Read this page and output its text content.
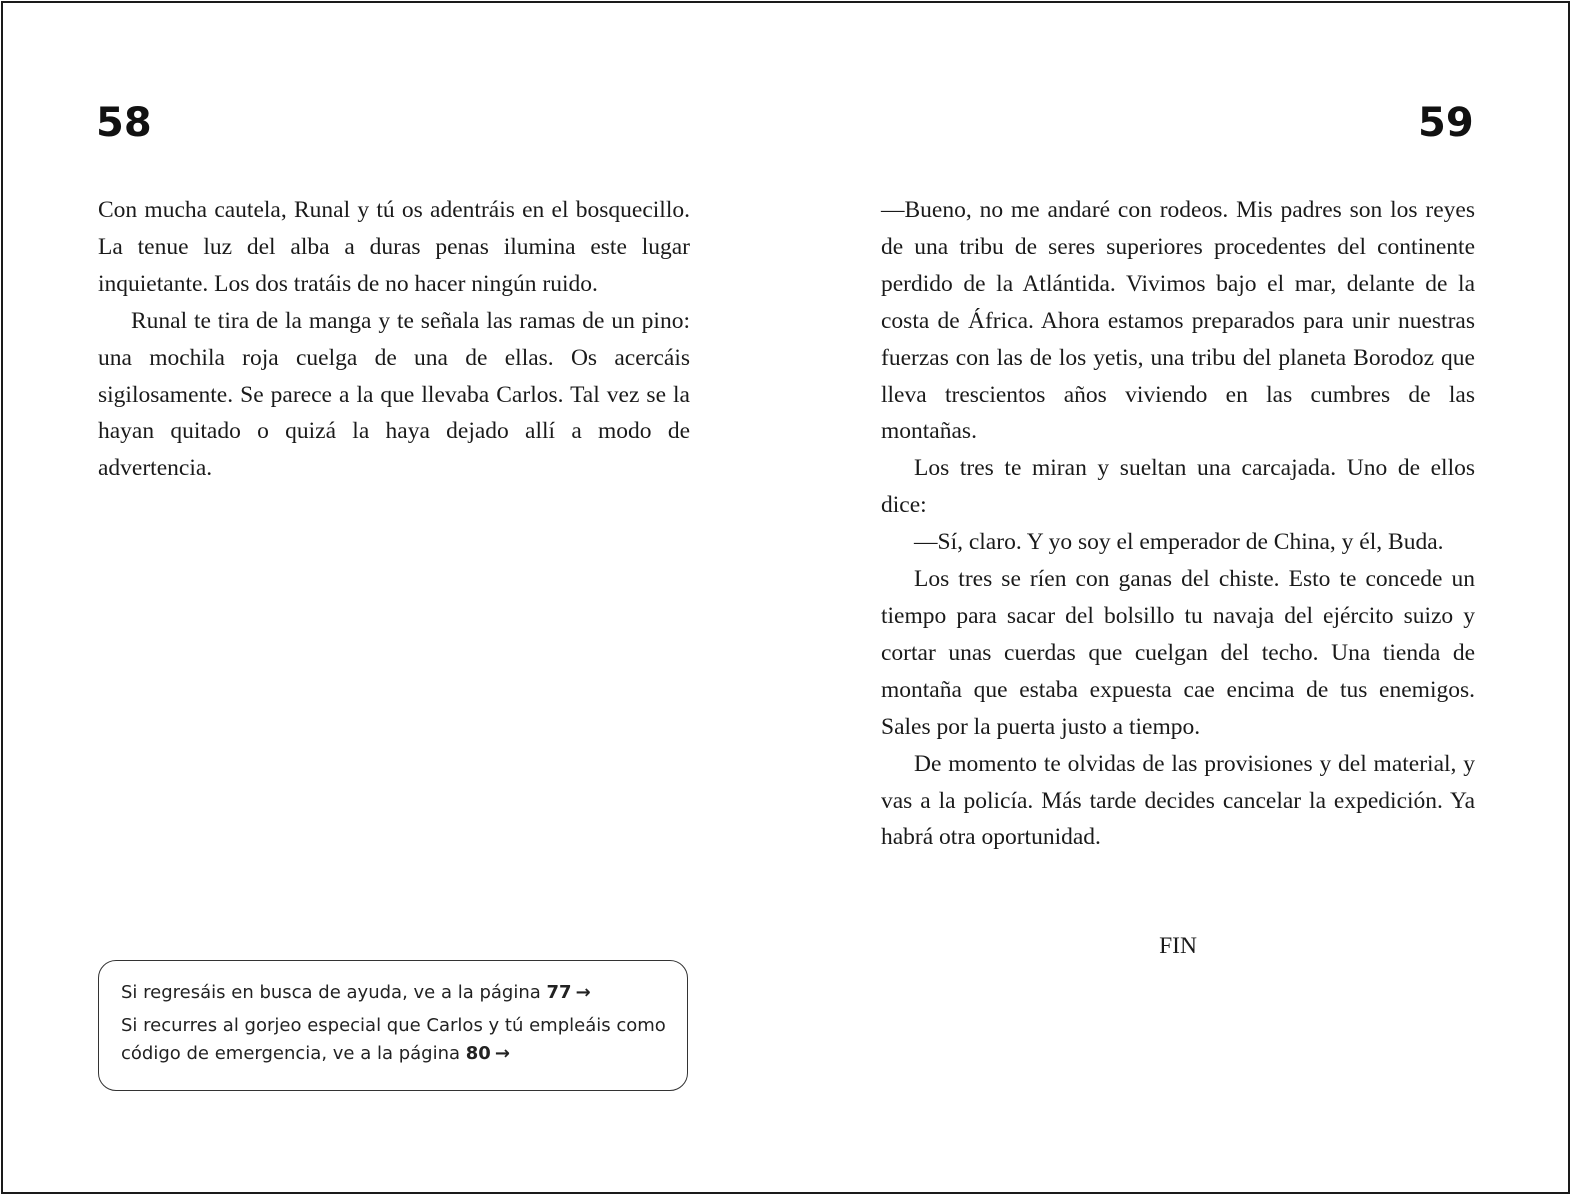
58	59

Con mucha cautela, Runal y tú os adentráis en el bosquecillo. La tenue luz del alba a duras penas ilumina este lugar inquietante. Los dos tratáis de no hacer ningún ruido.

Runal te tira de la manga y te señala las ramas de un pino: una mochila roja cuelga de una de ellas. Os acercáis sigilosamente. Se parece a la que llevaba Carlos. Tal vez se la hayan quitado o quizá la haya dejado allí a modo de advertencia.

Si regresáis en busca de ayuda, ve a la página 77 →

Si recurres al gorjeo especial que Carlos y tú empleáis como código de emergencia, ve a la página 80 →

—Bueno, no me andaré con rodeos. Mis padres son los reyes de una tribu de seres superiores procedentes del continente perdido de la Atlántida. Vivimos bajo el mar, delante de la costa de África. Ahora estamos preparados para unir nuestras fuerzas con las de los yetis, una tribu del planeta Borodoz que lleva trescientos años viviendo en las cumbres de las montañas.

Los tres te miran y sueltan una carcajada. Uno de ellos dice:

—Sí, claro. Y yo soy el emperador de China, y él, Buda.

Los tres se ríen con ganas del chiste. Esto te concede un tiempo para sacar del bolsillo tu navaja del ejército suizo y cortar unas cuerdas que cuelgan del techo. Una tienda de montaña que estaba expuesta cae encima de tus enemigos. Sales por la puerta justo a tiempo.

De momento te olvidas de las provisiones y del material, y vas a la policía. Más tarde decides cancelar la expedición. Ya habrá otra oportunidad.

FIN
